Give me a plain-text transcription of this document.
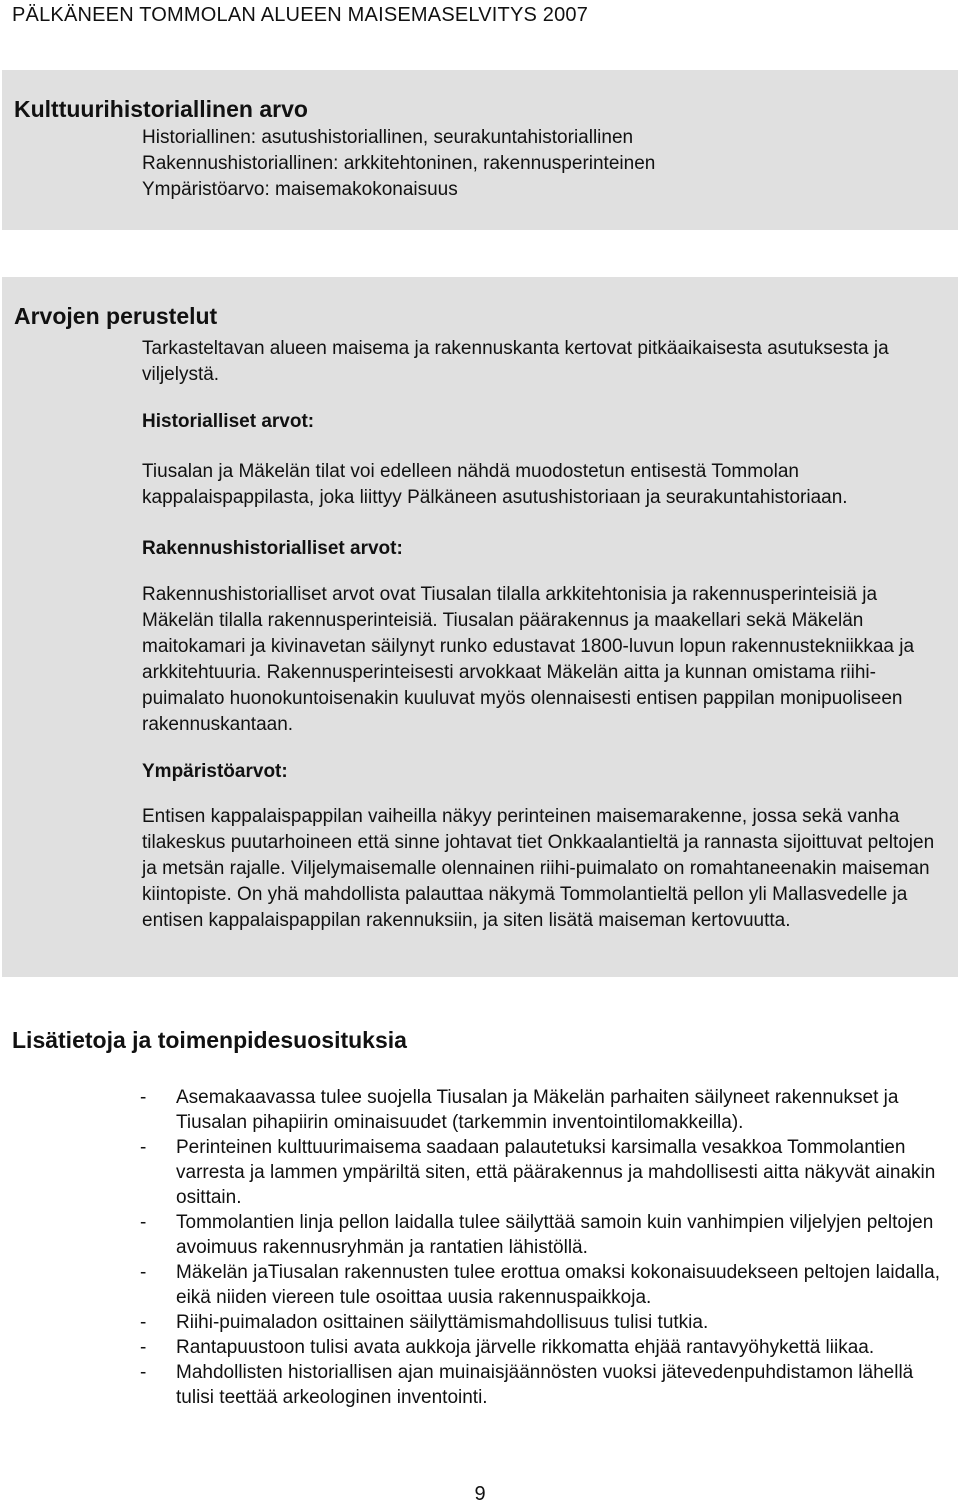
PÄLKÄNEEN TOMMOLAN ALUEEN MAISEMASELVITYS 2007
Kulttuurihistoriallinen arvo
Historiallinen: asutushistoriallinen, seurakuntahistoriallinen
Rakennushistoriallinen: arkkitehtoninen, rakennusperinteinen
Ympäristöarvo: maisemakokonaisuus
Arvojen perustelut

Tarkasteltavan alueen maisema ja rakennuskanta kertovat pitkäaikaisesta asutuksesta ja viljelystä.

Historialliset arvot:

Tiusalan ja Mäkelän tilat voi edelleen nähdä muodostetun entisestä Tommolan kappalaispappilasta, joka liittyy Pälkäneen asutushistoriaan ja seurakuntahistoriaan.

Rakennushistorialliset arvot:

Rakennushistorialliset arvot ovat Tiusalan tilalla arkkitehtonisia ja rakennusperinteisiä ja Mäkelän tilalla rakennusperinteisiä. Tiusalan päärakennus ja maakellari sekä Mäkelän maitokamari ja kivinavetan säilynyt runko edustavat 1800-luvun lopun rakennustekniikkaa ja arkkitehtuuria. Rakennusperinteisesti arvokkaat Mäkelän aitta ja kunnan omistama riihi-puimalato huonokuntoisenakin kuuluvat myös olennaisesti entisen pappilan monipuoliseen rakennuskantaan.

Ympäristöarvot:

Entisen kappalaispappilan vaiheilla näkyy perinteinen maisemarakenne, jossa sekä vanha tilakeskus puutarhoineen että sinne johtavat tiet Onkkaalantieltä ja rannasta sijoittuvat peltojen ja metsän rajalle. Viljelymaisemalle olennainen riihi-puimalato on romahtaneenakin maiseman kiintopiste. On yhä mahdollista palauttaa näkymä Tommolantieltä pellon yli Mallasvedelle ja entisen kappalaispappilan rakennuksiin, ja siten lisätä maiseman kertovuutta.

Lisätietoja ja toimenpidesuosituksia
- Asemakaavassa tulee suojella Tiusalan ja Mäkelän parhaiten säilyneet rakennukset ja Tiusalan pihapiirin ominaisuudet (tarkemmin inventointilomakkeilla).
- Perinteinen kulttuurimaisema saadaan palautetuksi karsimalla vesakkoa Tommolantien varresta ja lammen ympäriltä siten, että päärakennus ja mahdollisesti aitta näkyvät ainakin osittain.
- Tommolantien linja pellon laidalla tulee säilyttää samoin kuin vanhimpien viljelyjen peltojen avoimuus rakennusryhmän ja rantatien lähistöllä.
- Mäkelän jaTiusalan rakennusten tulee erottua omaksi kokonaisuudekseen peltojen laidalla, eikä niiden viereen tule osoittaa uusia rakennuspaikkoja.
- Riihi-puimaladon osittainen säilyttämismahdollisuus tulisi tutkia.
- Rantapuustoon tulisi avata aukkoja järvelle rikkomatta ehjää rantavyöhykettä liikaa.
- Mahdollisten historiallisen ajan muinaisjäännösten vuoksi jätevedenpuhdistamon lähellä tulisi teettää arkeologinen inventointi.
9
